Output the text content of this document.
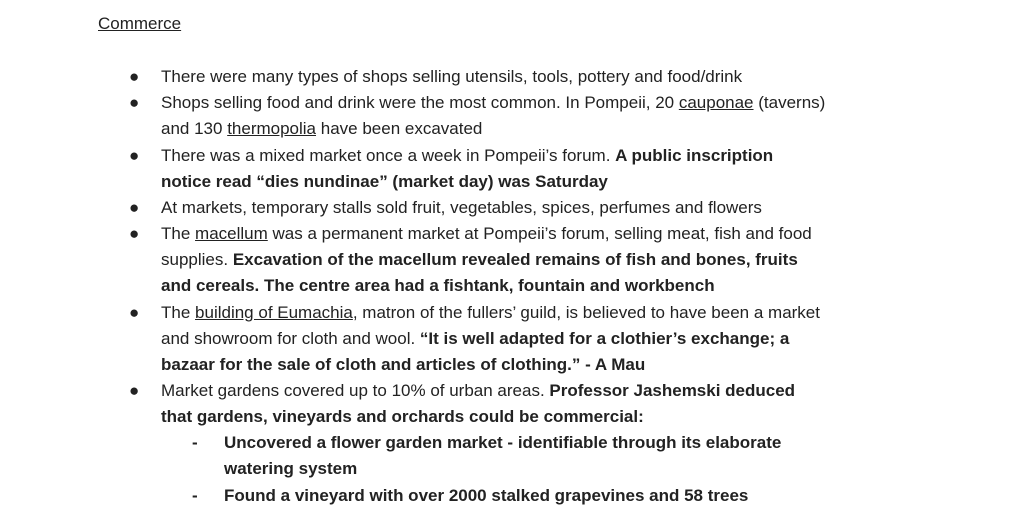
Commerce
● There were many types of shops selling utensils, tools, pottery and food/drink
● Shops selling food and drink were the most common. In Pompeii, 20 cauponae (taverns)
and 130 thermopolia have been excavated
● There was a mixed market once a week in Pompeii’s forum. A public inscription
notice read “dies nundinae” (market day) was Saturday
● At markets, temporary stalls sold fruit, vegetables, spices, perfumes and flowers
● The macellum was a permanent market at Pompeii’s forum, selling meat, fish and food
supplies. Excavation of the macellum revealed remains of fish and bones, fruits
and cereals. The centre area had a fishtank, fountain and workbench
● The building of Eumachia, matron of the fullers’ guild, is believed to have been a market
and showroom for cloth and wool. “It is well adapted for a clothier’s exchange; a
bazaar for the sale of cloth and articles of clothing.” - A Mau
● Market gardens covered up to 10% of urban areas. Professor Jashemski deduced
that gardens, vineyards and orchards could be commercial:
- Uncovered a flower garden market - identifiable through its elaborate
watering system
- Found a vineyard with over 2000 stalked grapevines and 58 trees
